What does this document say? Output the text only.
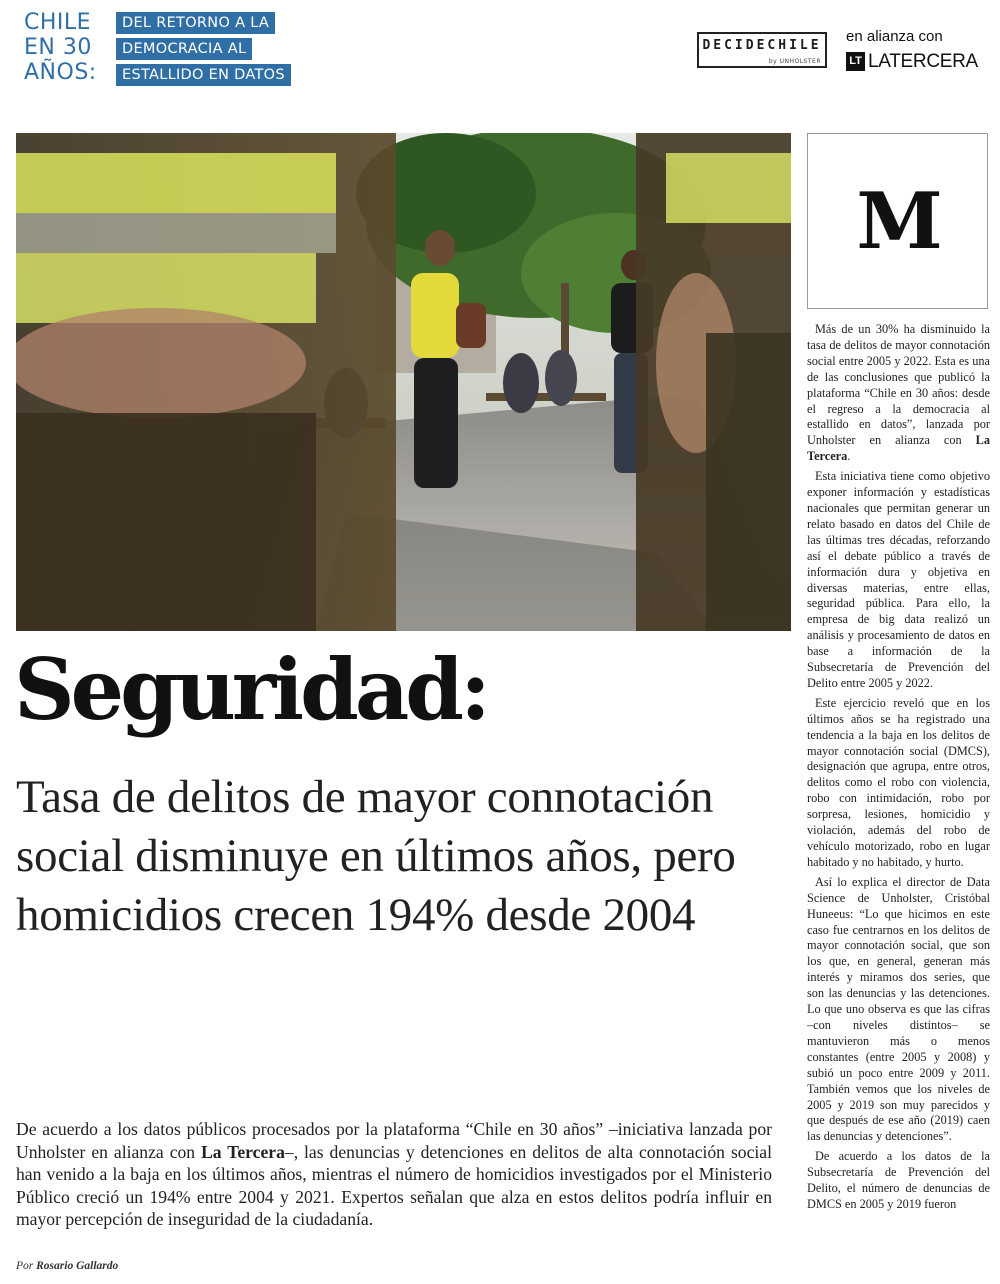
CHILE
EN 30
AÑOS:
DEL RETORNO A LA
DEMOCRACIA AL
ESTALLIDO EN DATOS
DECIDECHILE
by UNHOLSTER
en alianza con
LT LATERCERA
M

Más de un 30% ha disminuido la tasa de delitos de mayor connotación social entre 2005 y 2022. Esta es una de las conclusiones que publicó la plataforma “Chile en 30 años: desde el regreso a la democracia al estallido en datos”, lanzada por Unholster en alianza con La Tercera.

Esta iniciativa tiene como objetivo exponer información y estadísticas nacionales que permitan generar un relato basado en datos del Chile de las últimas tres décadas, reforzando así el debate público a través de información dura y objetiva en diversas materias, entre ellas, seguridad pública. Para ello, la empresa de big data realizó un análisis y procesamiento de datos en base a información de la Subsecretaría de Prevención del Delito entre 2005 y 2022.

Este ejercicio reveló que en los últimos años se ha registrado una tendencia a la baja en los delitos de mayor connotación social (DMCS), designación que agrupa, entre otros, delitos como el robo con violencia, robo con intimidación, robo por sorpresa, lesiones, homicidio y violación, además del robo de vehículo motorizado, robo en lugar habitado y no habitado, y hurto.

Así lo explica el director de Data Science de Unholster, Cristóbal Huneeus: “Lo que hicimos en este caso fue centrarnos en los delitos de mayor connotación social, que son los que, en general, generan más interés y miramos dos series, que son las denuncias y las detenciones. Lo que uno observa es que las cifras –con niveles distintos– se mantuvieron más o menos constantes (entre 2005 y 2008) y subió un poco entre 2009 y 2011. También vemos que los niveles de 2005 y 2019 son muy parecidos y que después de ese año (2019) caen las denuncias y detenciones”.

De acuerdo a los datos de la Subsecretaría de Prevención del Delito, el número de denuncias de DMCS en 2005 y 2019 fueron

Seguridad:
Tasa de delitos de mayor connotación social disminuye en últimos años, pero homicidios crecen 194% desde 2004
De acuerdo a los datos públicos procesados por la plataforma “Chile en 30 años” –iniciativa lanzada por Unholster en alianza con La Tercera–, las denuncias y detenciones en delitos de alta connotación social han venido a la baja en los últimos años, mientras el número de homicidios investigados por el Ministerio Público creció un 194% entre 2004 y 2021. Expertos señalan que alza en estos delitos podría influir en mayor percepción de inseguridad de la ciudadanía.
Por Rosario Gallardo
